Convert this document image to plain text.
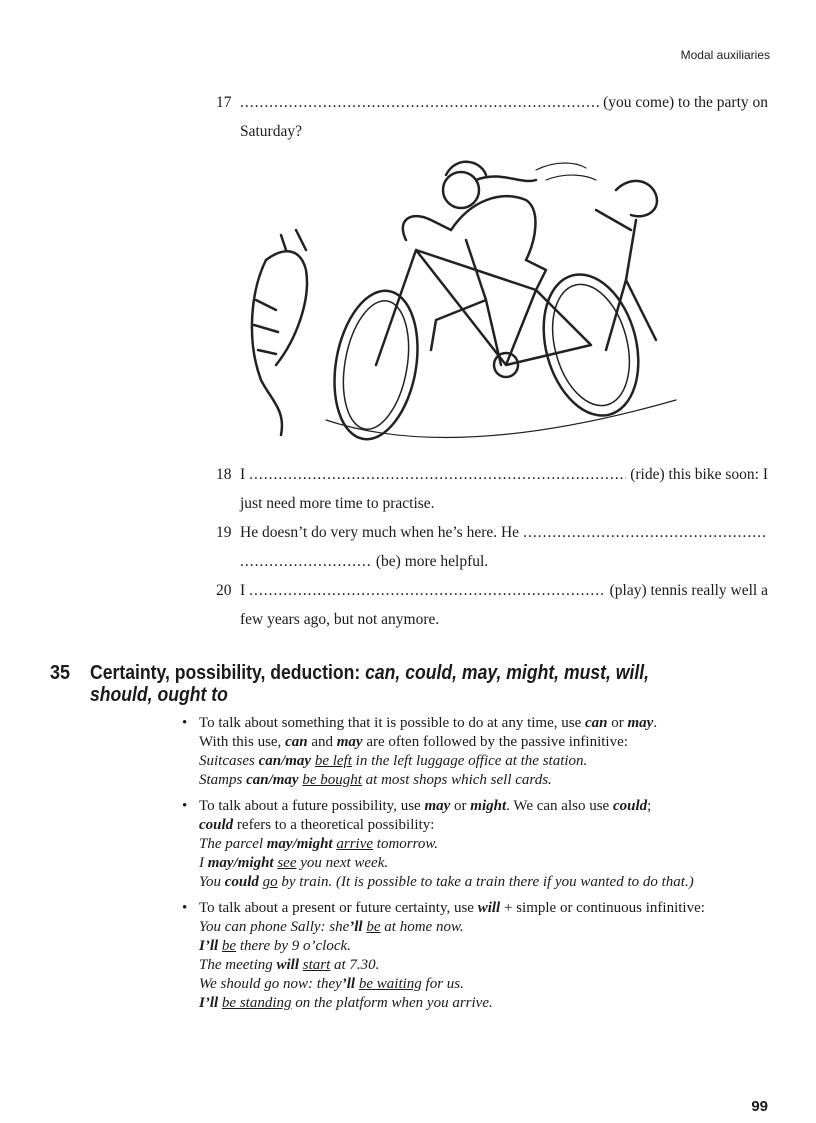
Modal auxiliaries
17 .....	(you come) to the party on
Saturday?
18 I .....	(ride) this bike soon: I
just need more time to practise.
19 He doesn’t do very much when he’s here. He
.....
..... (be) more helpful.
20 I .....	(play) tennis really well a
few years ago, but not anymore.
35 Certainty, possibility, deduction: can, could, may, might, must, will,
should, ought to
• To talk about something that it is possible to do at any time, use can or may.
With this use, can and may are often followed by the passive infinitive:
Suitcases can/may be left in the left luggage office at the station.
Stamps can/may be bought at most shops which sell cards.
• To talk about a future possibility, use may or might. We can also use could;
could refers to a theoretical possibility:
The parcel may/might arrive tomorrow.
I may/might see you next week.
You could go by train. (It is possible to take a train there if you wanted to do that.)
• To talk about a present or future certainty, use will + simple or continuous infinitive:
You can phone Sally: she’ll be at home now.
I’ll be there by 9 o’clock.
The meeting will start at 7.30.
We should go now: they’ll be waiting for us.
I’ll be standing on the platform when you arrive.
99
